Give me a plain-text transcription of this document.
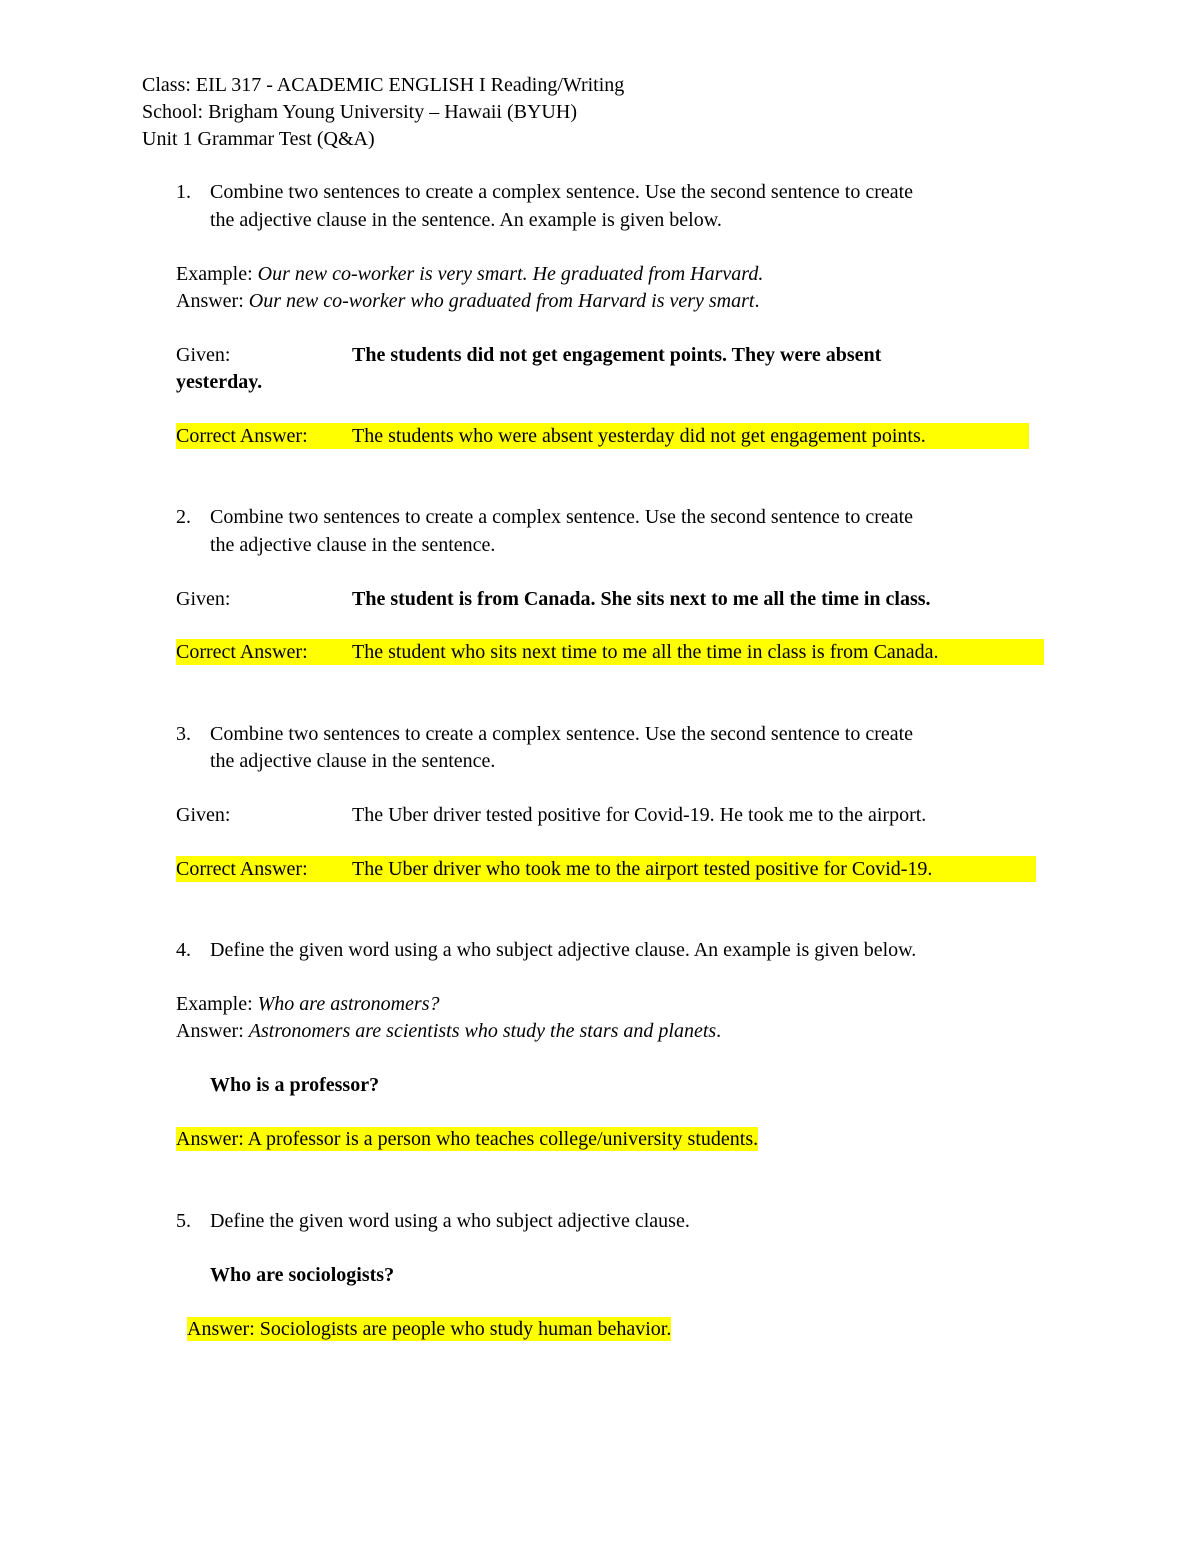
Class: EIL 317 - ACADEMIC ENGLISH I Reading/Writing
School: Brigham Young University – Hawaii (BYUH)
Unit 1 Grammar Test (Q&A)
1. Combine two sentences to create a complex sentence. Use the second sentence to create
the adjective clause in the sentence. An example is given below.
Example: Our new co-worker is very smart. He graduated from Harvard.
Answer: Our new co-worker who graduated from Harvard is very smart.
Given:	The students did not get engagement points. They were absent
yesterday.
Correct Answer: The students who were absent yesterday did not get engagement points.
2. Combine two sentences to create a complex sentence. Use the second sentence to create
the adjective clause in the sentence.
Given:	The student is from Canada. She sits next to me all the time in class.
Correct Answer: The student who sits next time to me all the time in class is from Canada.
3. Combine two sentences to create a complex sentence. Use the second sentence to create
the adjective clause in the sentence.
Given:	The Uber driver tested positive for Covid-19. He took me to the airport.
Correct Answer: The Uber driver who took me to the airport tested positive for Covid-19.
4. Define the given word using a who subject adjective clause. An example is given below.
Example: Who are astronomers?
Answer: Astronomers are scientists who study the stars and planets.
Who is a professor?
Answer: A professor is a person who teaches college/university students.
5. Define the given word using a who subject adjective clause.
Who are sociologists?
Answer: Sociologists are people who study human behavior.
